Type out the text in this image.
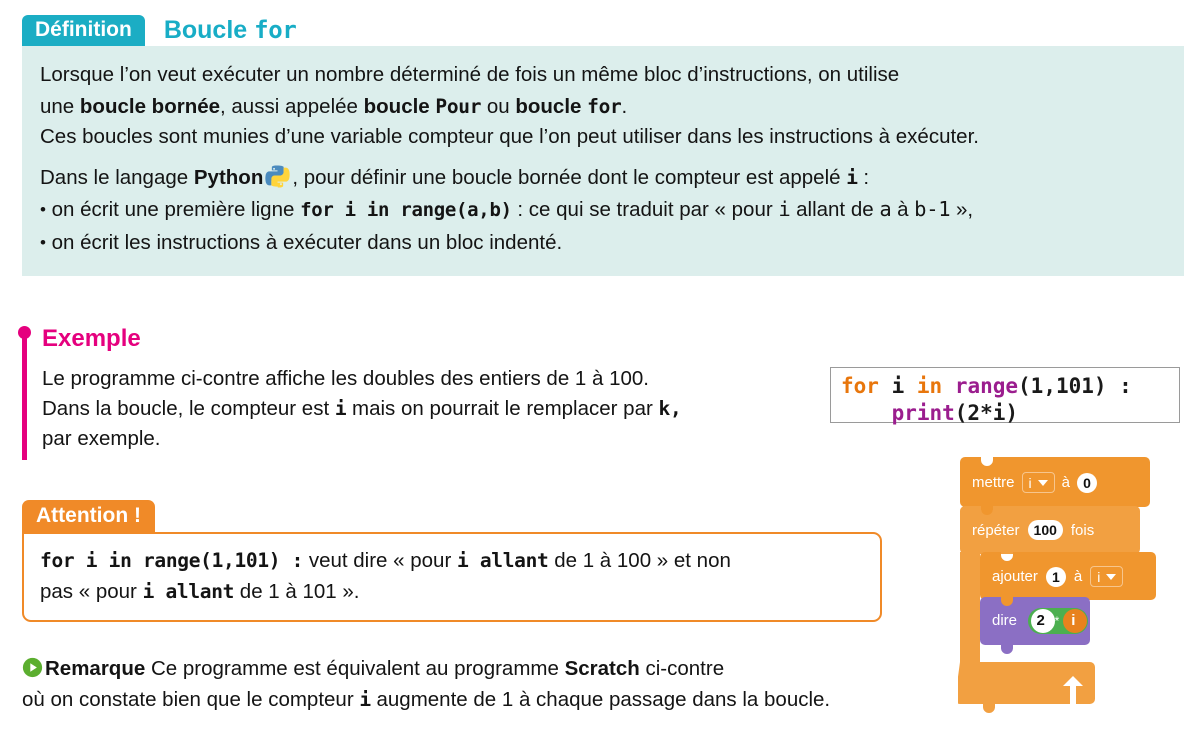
Définition	Boucle for

Lorsque l’on veut exécuter un nombre déterminé de fois un même bloc d’instructions, on utilise

une boucle bornée, aussi appelée boucle Pour ou boucle for.

Ces boucles sont munies d’une variable compteur que l’on peut utiliser dans les instructions à exécuter.

Dans le langage Python , pour définir une boucle bornée dont le compteur est appelé i :

• on écrit une première ligne for i in range(a,b) : ce qui se traduit par « pour i allant de a à b-1 »,

• on écrit les instructions à exécuter dans un bloc indenté.

Exemple
Le programme ci-contre affiche les doubles des entiers de 1 à 100.
Dans la boucle, le compteur est i mais on pourrait le remplacer par k,
par exemple.
for i in range(1,101) :
print(2*i)
Attention !
for i in range(1,101) : veut dire « pour i allant de 1 à 100 » et non
pas « pour i allant de 1 à 101 ».
Remarque Ce programme est équivalent au programme Scratch ci-contre
où on constate bien que le compteur i augmente de 1 à chaque passage dans la boucle.
mettre i à 0
répéter	100 fois
ajouter	1 à i
dire	2 * i
